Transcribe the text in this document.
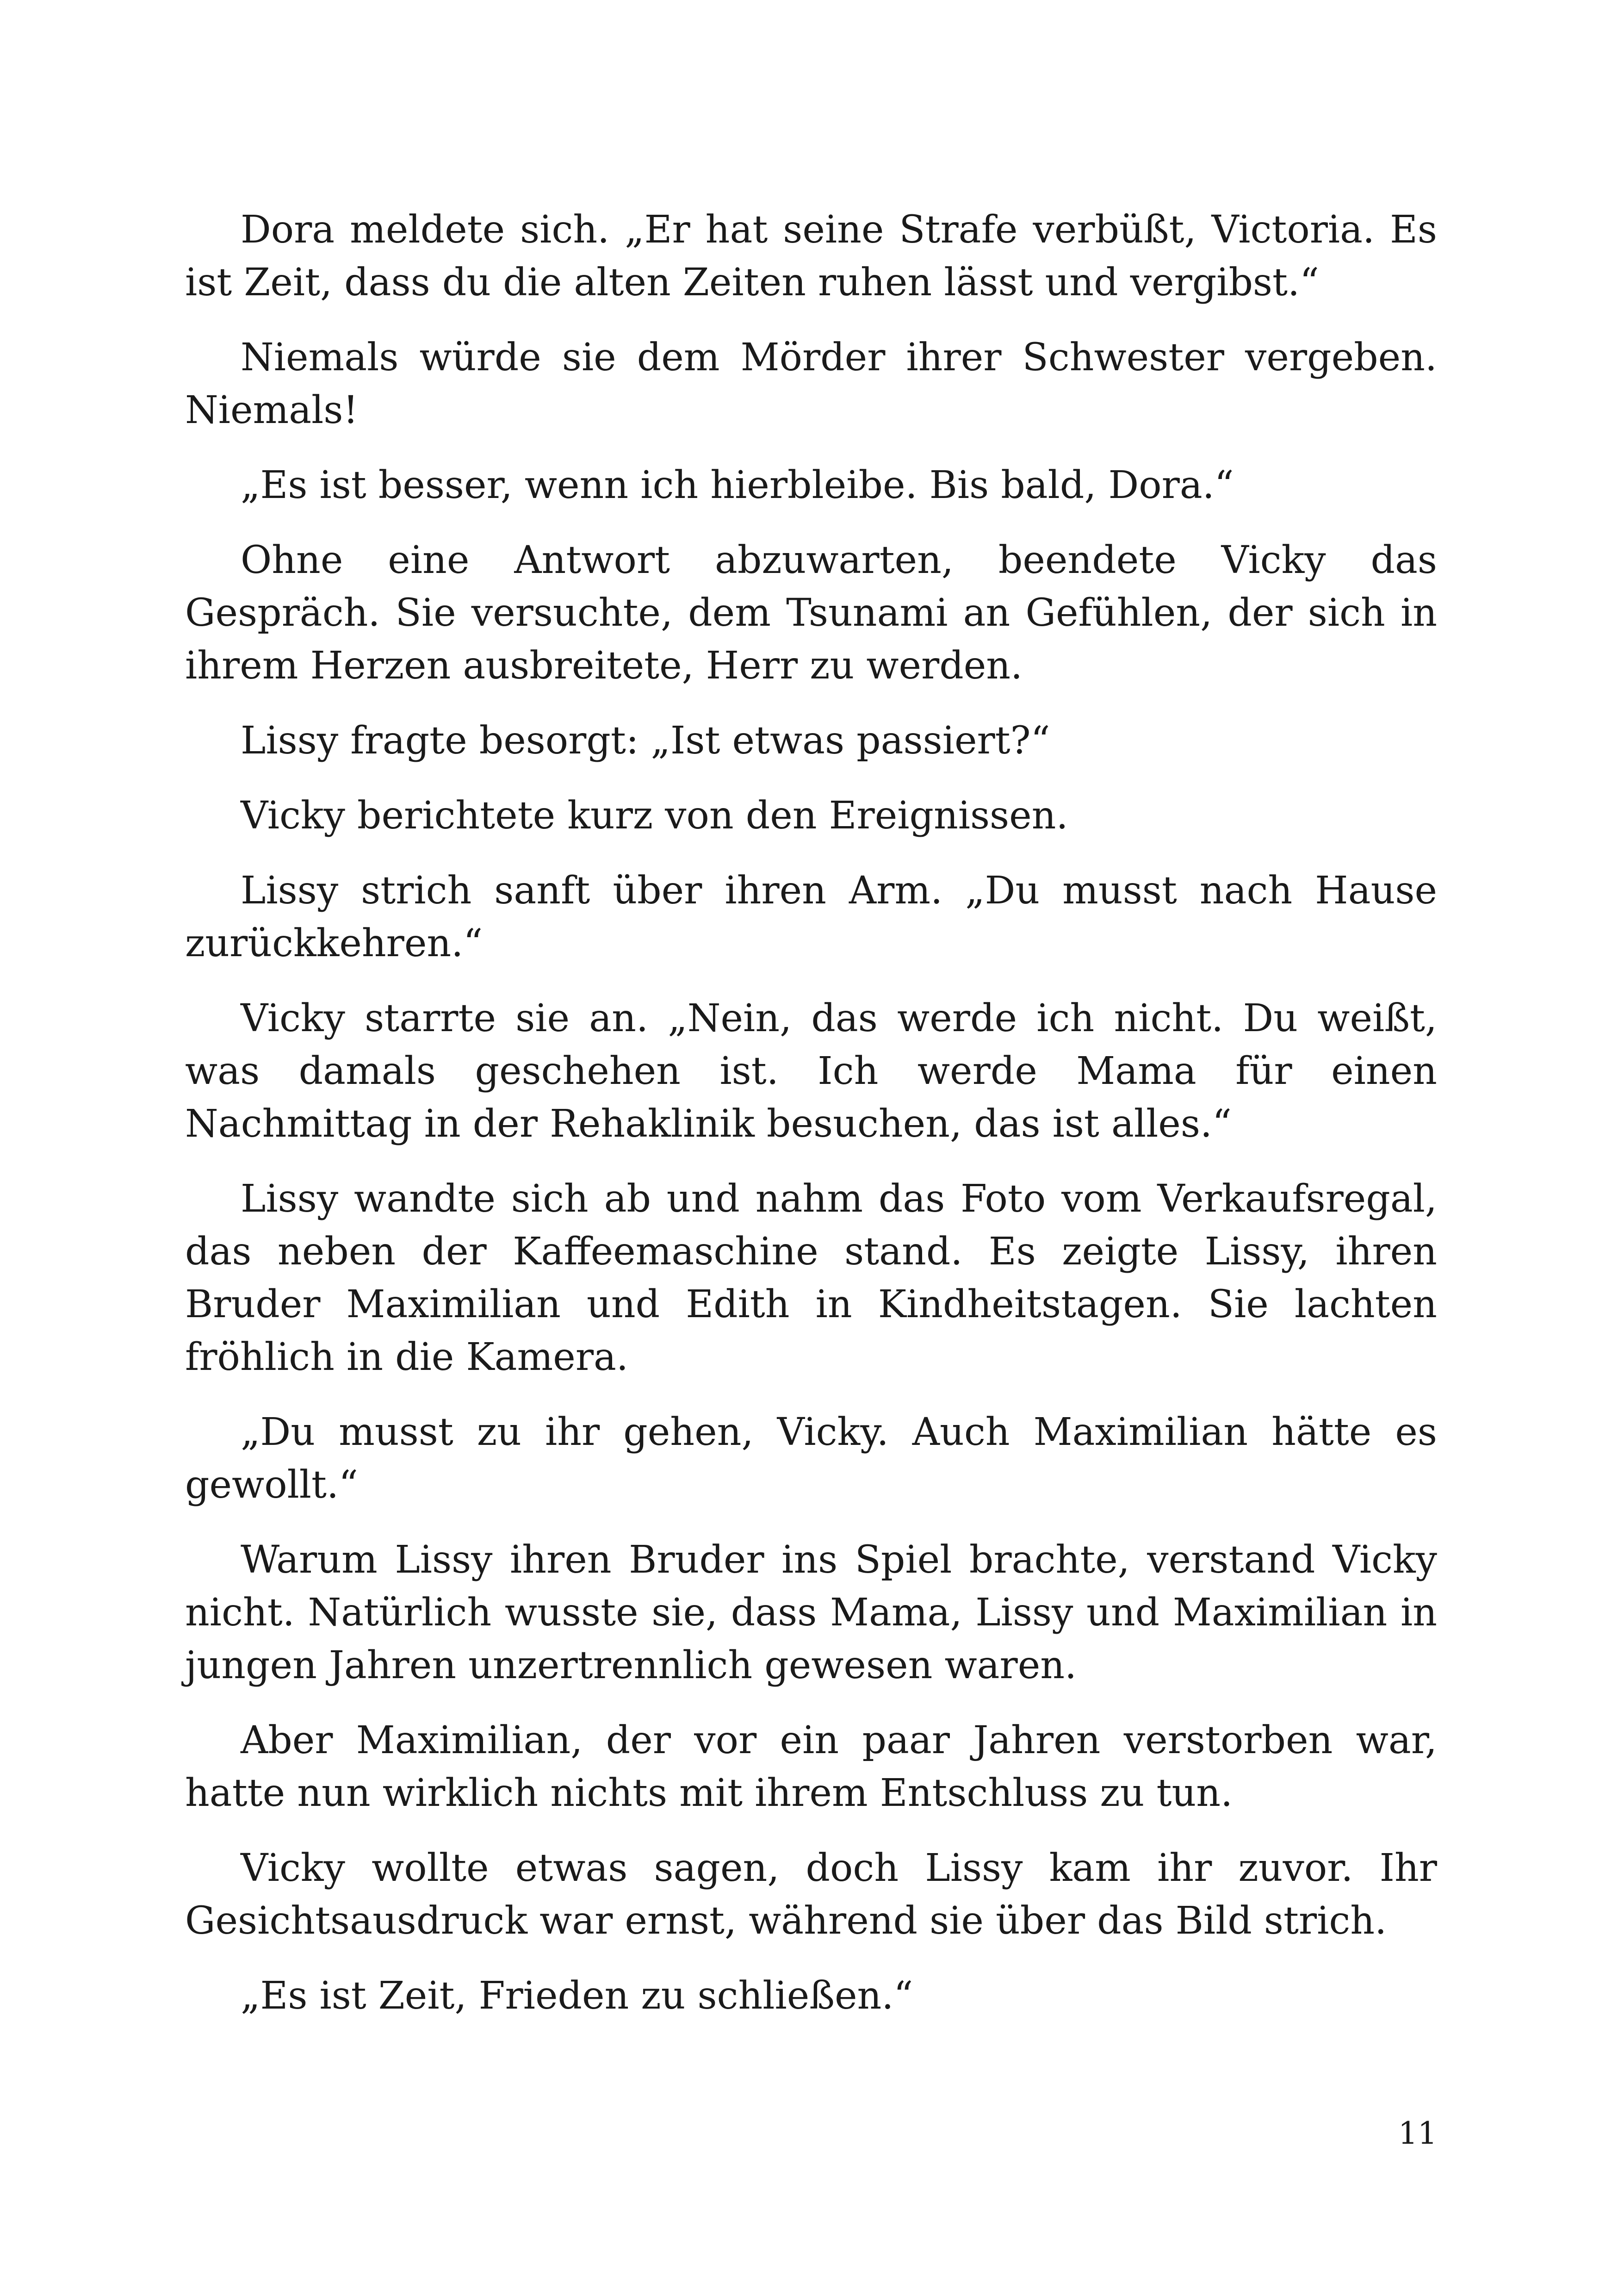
Dora meldete sich. „Er hat seine Strafe verbüßt, Victoria. Es ist Zeit, dass du die alten Zeiten ruhen lässt und vergibst.“

Niemals würde sie dem Mörder ihrer Schwester vergeben. Niemals!

„Es ist besser, wenn ich hierbleibe. Bis bald, Dora.“

Ohne eine Antwort abzuwarten, beendete Vicky das Gespräch. Sie versuchte, dem Tsunami an Gefühlen, der sich in ihrem Herzen ausbreitete, Herr zu werden.

Lissy fragte besorgt: „Ist etwas passiert?“

Vicky berichtete kurz von den Ereignissen.

Lissy strich sanft über ihren Arm. „Du musst nach Hause zurückkehren.“

Vicky starrte sie an. „Nein, das werde ich nicht. Du weißt, was damals geschehen ist. Ich werde Mama für einen Nachmittag in der Rehaklinik besuchen, das ist alles.“

Lissy wandte sich ab und nahm das Foto vom Verkaufsregal, das neben der Kaffeemaschine stand. Es zeigte Lissy, ihren Bruder Maximilian und Edith in Kindheitstagen. Sie lachten fröhlich in die Kamera.

„Du musst zu ihr gehen, Vicky. Auch Maximilian hätte es gewollt.“

Warum Lissy ihren Bruder ins Spiel brachte, verstand Vicky nicht. Natürlich wusste sie, dass Mama, Lissy und Maximilian in jungen Jahren unzertrennlich gewesen waren.

Aber Maximilian, der vor ein paar Jahren verstorben war, hatte nun wirklich nichts mit ihrem Entschluss zu tun.

Vicky wollte etwas sagen, doch Lissy kam ihr zuvor. Ihr Gesichtsausdruck war ernst, während sie über das Bild strich.

„Es ist Zeit, Frieden zu schließen.“

11
